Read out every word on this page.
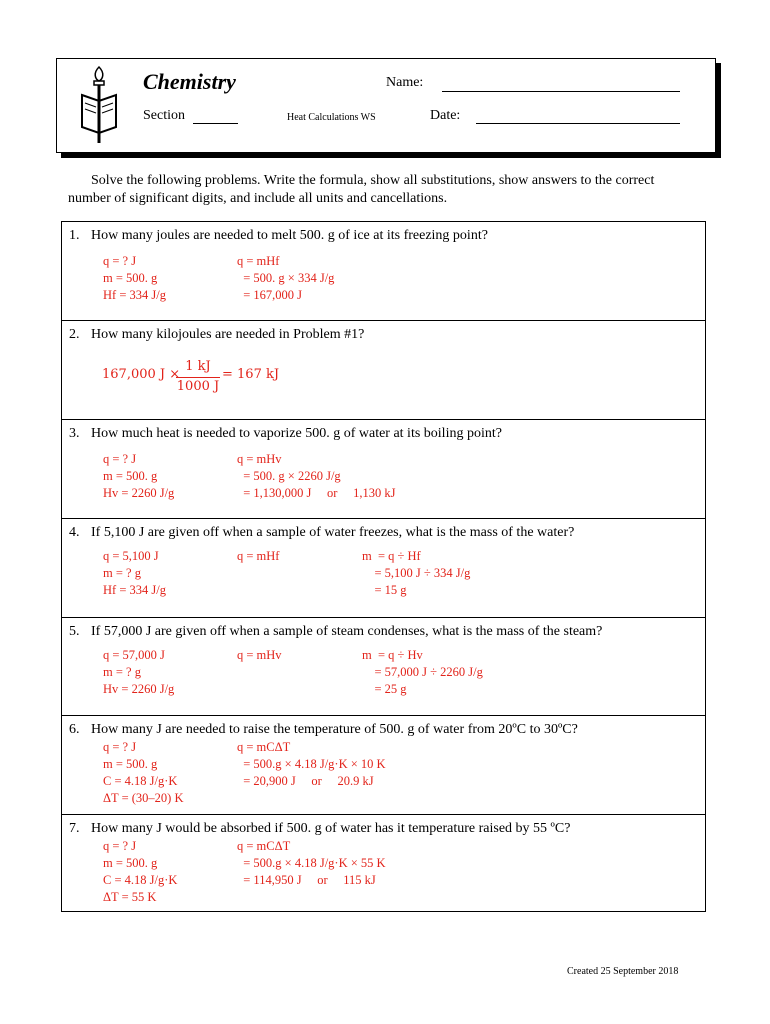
Chemistry	Name:
Section	Heat Calculations WS	Date:
Solve the following problems. Write the formula, show all substitutions, show answers to the correct number of significant digits, and include all units and cancellations.
1. How many joules are needed to melt 500. g of ice at its freezing point?
q = ? J
m = 500. g
Hf = 334 J/g
q = mHf
= 500. g × 334 J/g
= 167,000 J
2. How many kilojoules are needed in Problem #1?
167,000 J ×
1 kJ
1000 J
= 167 kJ
3. How much heat is needed to vaporize 500. g of water at its boiling point?
q = ? J
m = 500. g
Hv = 2260 J/g
q = mHv
= 500. g × 2260 J/g
= 1,130,000 J     or     1,130 kJ
4. If 5,100 J are given off when a sample of water freezes, what is the mass of the water?
q = 5,100 J
m = ? g
Hf = 334 J/g
q = mHf	m  = q ÷ Hf
= 5,100 J ÷ 334 J/g
= 15 g
5. If 57,000 J are given off when a sample of steam condenses, what is the mass of the steam?
q = 57,000 J
m = ? g
Hv = 2260 J/g
q = mHv	m  = q ÷ Hv
= 57,000 J ÷ 2260 J/g
= 25 g
6. How many J are needed to raise the temperature of 500. g of water from 20ºC to 30ºC?
q = ? J
m = 500. g
C = 4.18 J/g·K
ΔT = (30–20) K
q = mCΔT
= 500.g × 4.18 J/g·K × 10 K
= 20,900 J     or     20.9 kJ
7. How many J would be absorbed if 500. g of water has it temperature raised by 55 ºC?
q = ? J
m = 500. g
C = 4.18 J/g·K
ΔT = 55 K
q = mCΔT
= 500.g × 4.18 J/g·K × 55 K
= 114,950 J     or     115 kJ
Created 25 September 2018
